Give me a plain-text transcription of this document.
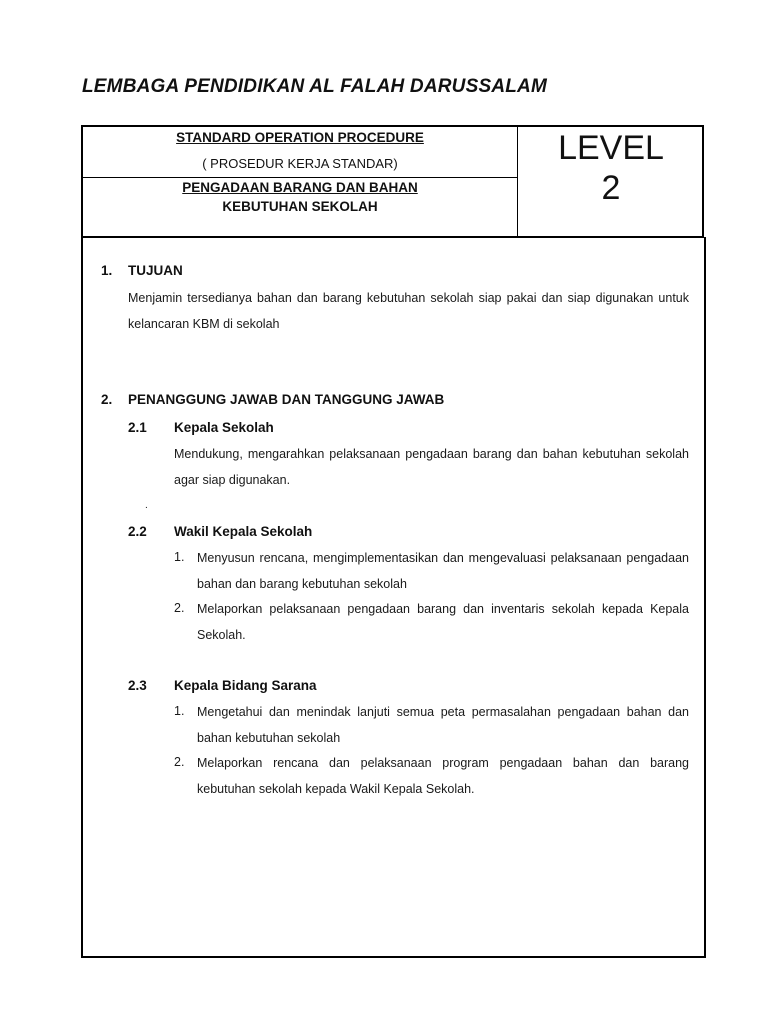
LEMBAGA PENDIDIKAN AL FALAH DARUSSALAM
STANDARD OPERATION PROCEDURE
( PROSEDUR KERJA STANDAR)
PENGADAAN BARANG DAN BAHAN
KEBUTUHAN SEKOLAH
LEVEL
2
1. TUJUAN
Menjamin tersedianya bahan dan barang kebutuhan sekolah siap pakai dan siap digunakan untuk kelancaran KBM di sekolah
2. PENANGGUNG JAWAB DAN TANGGUNG JAWAB
2.1 Kepala Sekolah
Mendukung, mengarahkan pelaksanaan pengadaan barang dan bahan kebutuhan sekolah agar siap digunakan.
.
2.2 Wakil Kepala Sekolah
1. Menyusun rencana, mengimplementasikan dan mengevaluasi pelaksanaan pengadaan bahan dan barang kebutuhan sekolah
2. Melaporkan pelaksanaan pengadaan barang dan inventaris sekolah kepada Kepala Sekolah.
2.3 Kepala Bidang Sarana
1. Mengetahui dan menindak lanjuti semua peta permasalahan pengadaan bahan dan bahan kebutuhan sekolah
2. Melaporkan rencana dan pelaksanaan program pengadaan bahan dan barang kebutuhan sekolah kepada Wakil Kepala Sekolah.
